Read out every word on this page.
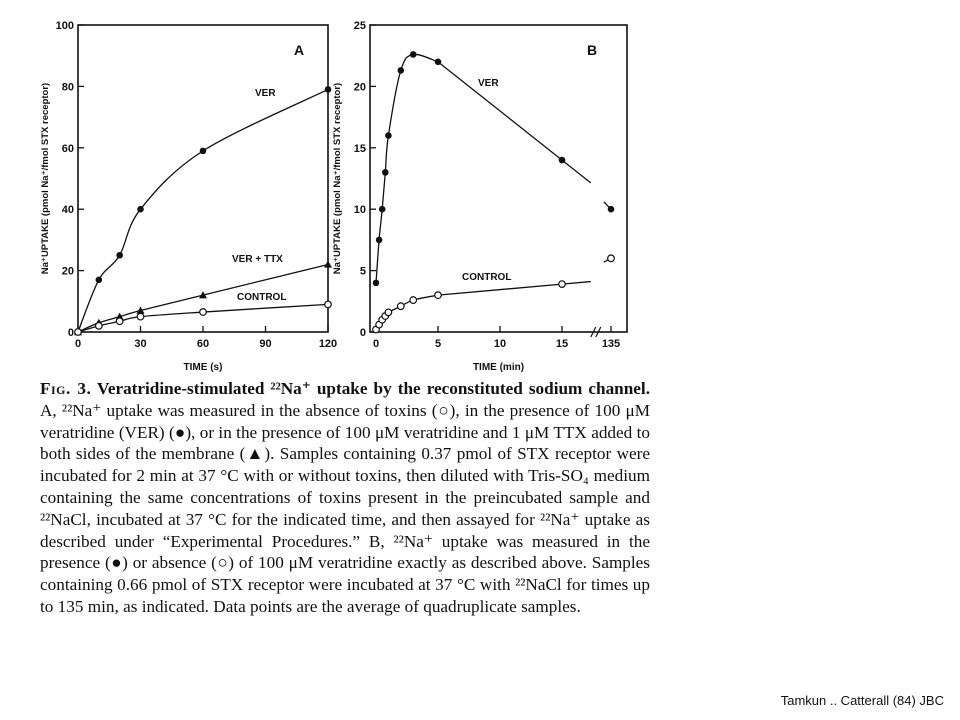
0	30	60	90	120
0
20
40
60
80
100
TIME (s)
Na⁺UPTAKE (pmol Na⁺/fmol STX receptor)
A
VER
VER + TTX
CONTROL
0	5	10	15	135
0
5
10
15
20
25
TIME (min)
Na⁺UPTAKE (pmol Na⁺/fmol STX receptor)
B
VER
CONTROL

Fig. 3. Veratridine-stimulated ²²Na⁺ uptake by the reconstituted sodium channel. A, ²²Na⁺ uptake was measured in the absence of toxins (○), in the presence of 100 μM veratridine (VER) (●), or in the presence of 100 μM veratridine and 1 μM TTX added to both sides of the membrane (▲). Samples containing 0.37 pmol of STX receptor were incubated for 2 min at 37 °C with or without toxins, then diluted with Tris-SO₄ medium containing the same concentrations of toxins present in the preincubated sample and ²²NaCl, incubated at 37 °C for the indicated time, and then assayed for ²²Na⁺ uptake as described under “Experimental Procedures.” B, ²²Na⁺ uptake was measured in the presence (●) or absence (○) of 100 μM veratridine exactly as described above. Samples containing 0.66 pmol of STX receptor were incubated at 37 °C with ²²NaCl for times up to 135 min, as indicated. Data points are the average of quadruplicate samples.

Tamkun .. Catterall (84) JBC
